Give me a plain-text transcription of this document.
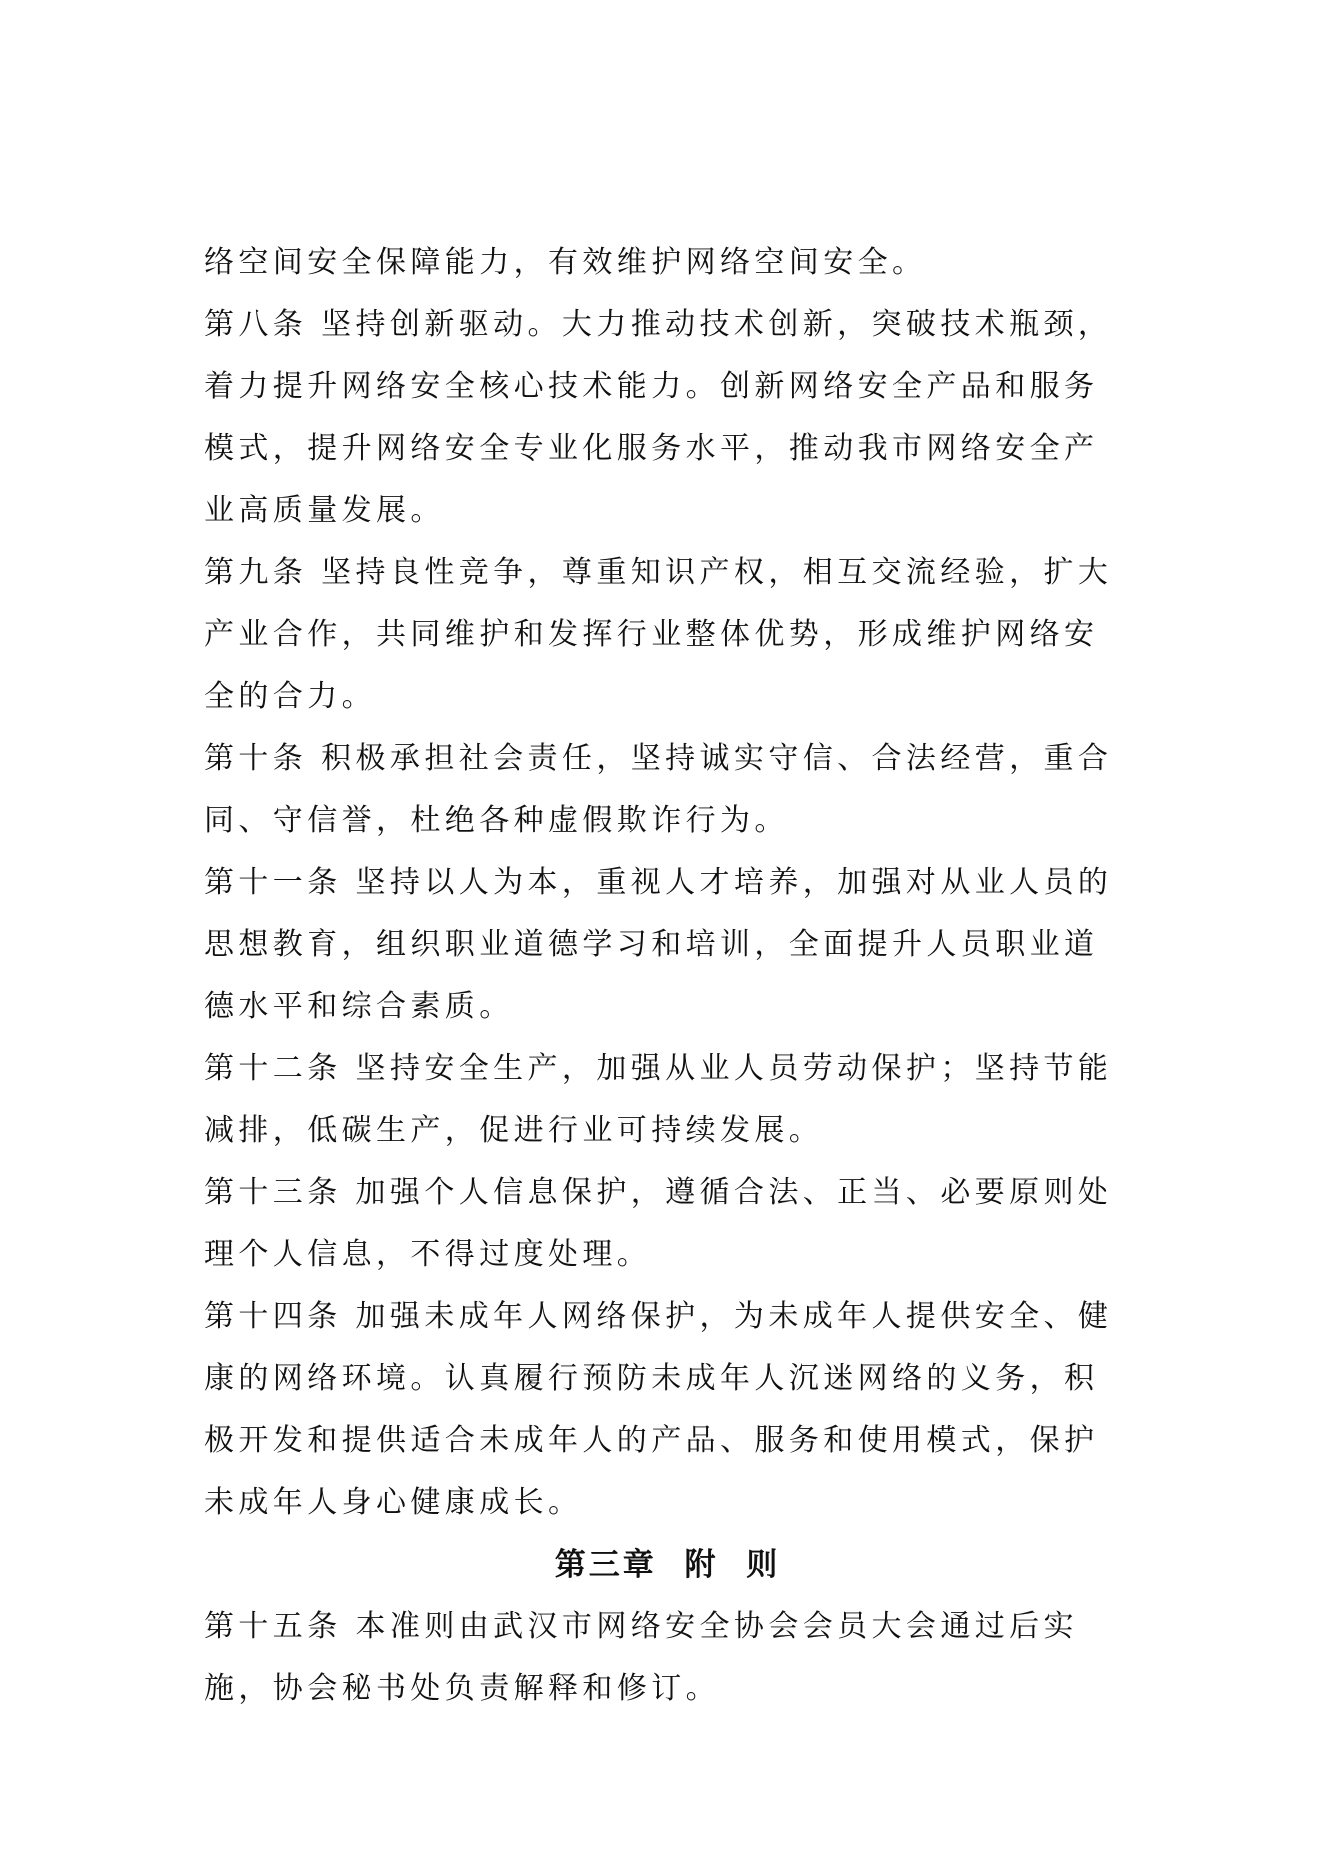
络空间安全保障能力，有效维护网络空间安全。

第八条 坚持创新驱动。大力推动技术创新，突破技术瓶颈，着力提升网络安全核心技术能力。创新网络安全产品和服务模式，提升网络安全专业化服务水平，推动我市网络安全产业高质量发展。

第九条 坚持良性竞争，尊重知识产权，相互交流经验，扩大产业合作，共同维护和发挥行业整体优势，形成维护网络安全的合力。

第十条 积极承担社会责任，坚持诚实守信、合法经营，重合同、守信誉，杜绝各种虚假欺诈行为。

第十一条 坚持以人为本，重视人才培养，加强对从业人员的思想教育，组织职业道德学习和培训，全面提升人员职业道德水平和综合素质。

第十二条 坚持安全生产，加强从业人员劳动保护；坚持节能减排，低碳生产，促进行业可持续发展。

第十三条 加强个人信息保护，遵循合法、正当、必要原则处理个人信息，不得过度处理。

第十四条 加强未成年人网络保护，为未成年人提供安全、健康的网络环境。认真履行预防未成年人沉迷网络的义务，积极开发和提供适合未成年人的产品、服务和使用模式，保护未成年人身心健康成长。

第三章 附 则

第十五条 本准则由武汉市网络安全协会会员大会通过后实施，协会秘书处负责解释和修订。
